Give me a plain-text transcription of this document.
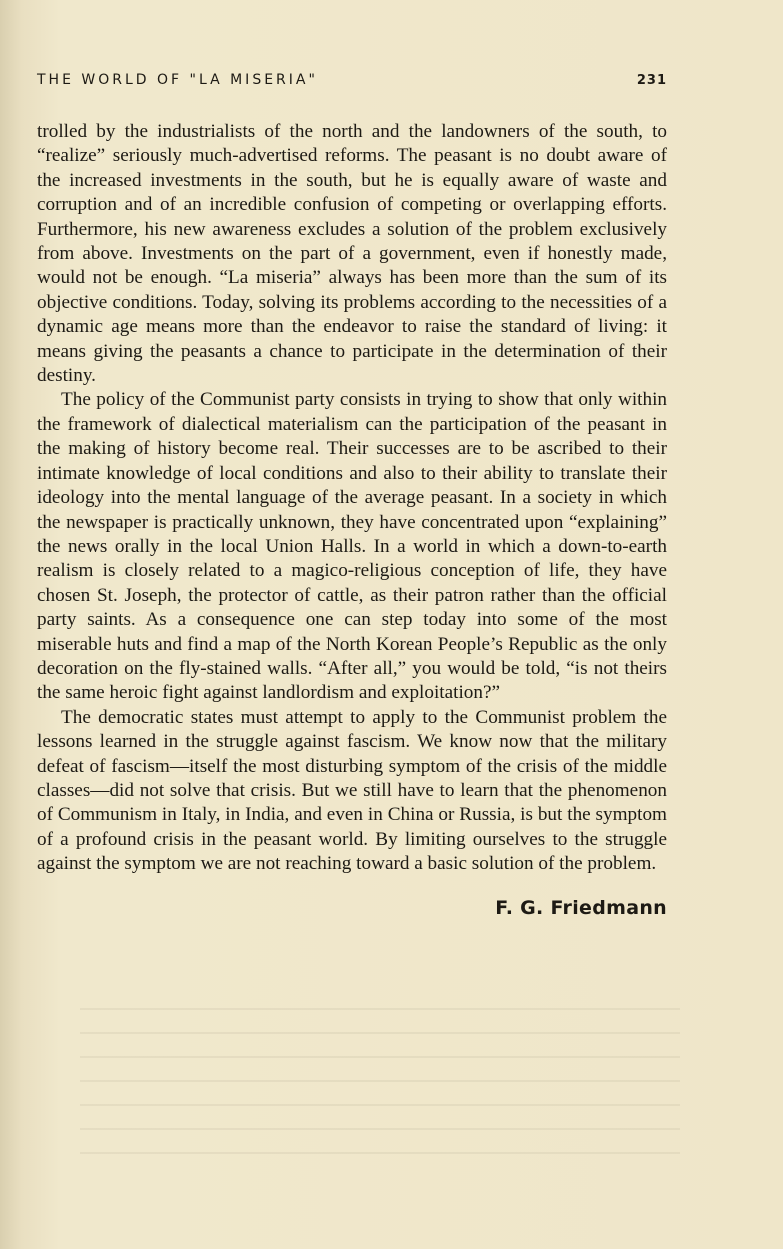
THE WORLD OF "LA MISERIA"	231

trolled by the industrialists of the north and the landowners of the south, to “realize” seriously much-advertised reforms. The peasant is no doubt aware of the increased investments in the south, but he is equally aware of waste and corruption and of an incredible confusion of competing or overlapping efforts. Furthermore, his new awareness excludes a solution of the problem exclusively from above. Investments on the part of a government, even if honestly made, would not be enough. “La miseria” always has been more than the sum of its objective conditions. Today, solving its problems according to the necessities of a dynamic age means more than the endeavor to raise the standard of living: it means giving the peasants a chance to participate in the determination of their destiny.

The policy of the Communist party consists in trying to show that only within the framework of dialectical materialism can the participation of the peasant in the making of history become real. Their successes are to be ascribed to their intimate knowledge of local conditions and also to their ability to translate their ideology into the mental language of the average peasant. In a society in which the newspaper is practically unknown, they have concentrated upon “explaining” the news orally in the local Union Halls. In a world in which a down-to-earth realism is closely related to a magico-religious conception of life, they have chosen St. Joseph, the protector of cattle, as their patron rather than the official party saints. As a consequence one can step today into some of the most miserable huts and find a map of the North Korean People’s Republic as the only decoration on the fly-stained walls. “After all,” you would be told, “is not theirs the same heroic fight against landlordism and exploitation?”

The democratic states must attempt to apply to the Communist problem the lessons learned in the struggle against fascism. We know now that the military defeat of fascism—itself the most disturbing symptom of the crisis of the middle classes—did not solve that crisis. But we still have to learn that the phenomenon of Communism in Italy, in India, and even in China or Russia, is but the symptom of a profound crisis in the peasant world. By limiting ourselves to the struggle against the symptom we are not reaching toward a basic solution of the problem.

F. G. Friedmann
